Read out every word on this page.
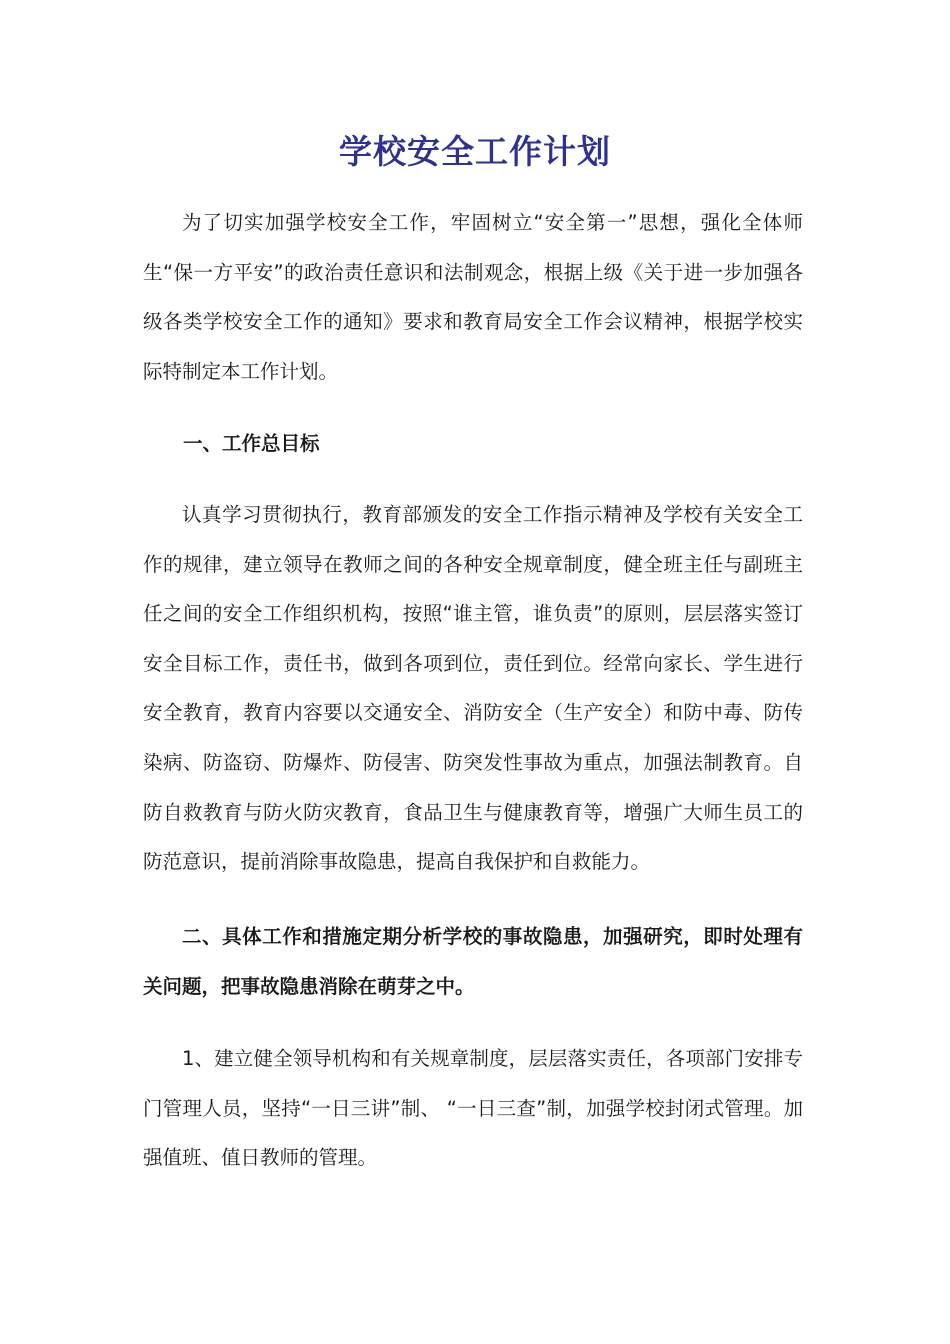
学校安全工作计划

为了切实加强学校安全工作，牢固树立“安全第一”思想，强化全体师生“保一方平安”的政治责任意识和法制观念，根据上级《关于进一步加强各级各类学校安全工作的通知》要求和教育局安全工作会议精神，根据学校实际特制定本工作计划。

一、工作总目标

认真学习贯彻执行，教育部颁发的安全工作指示精神及学校有关安全工作的规律，建立领导在教师之间的各种安全规章制度，健全班主任与副班主任之间的安全工作组织机构，按照“谁主管，谁负责”的原则，层层落实签订安全目标工作，责任书，做到各项到位，责任到位。经常向家长、学生进行安全教育，教育内容要以交通安全、消防安全（生产安全）和防中毒、防传染病、防盗窃、防爆炸、防侵害、防突发性事故为重点，加强法制教育。自防自救教育与防火防灾教育，食品卫生与健康教育等，增强广大师生员工的防范意识，提前消除事故隐患，提高自我保护和自救能力。

二、具体工作和措施定期分析学校的事故隐患，加强研究，即时处理有关问题，把事故隐患消除在萌芽之中。

1、建立健全领导机构和有关规章制度，层层落实责任，各项部门安排专门管理人员，坚持“一日三讲”制、 “一日三查”制，加强学校封闭式管理。加强值班、值日教师的管理。
